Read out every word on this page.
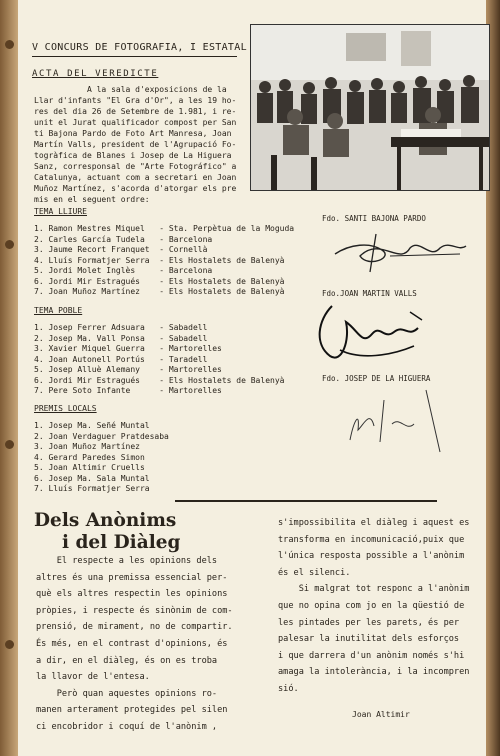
V CONCURS DE FOTOGRAFIA, I ESTATAL
ACTA DEL VEREDICTE

A la sala d'exposicions de la

Llar d'infants "El Gra d'Or", a les 19 ho-

res del dia 26 de Setembre de 1.981, i re-

unit el Jurat qualificador compost per San

ti Bajona Pardo de Foto Art Manresa, Joan

Martín Valls, president de l'Agrupació Fo-

togràfica de Blanes i Josep de La Higuera

Sanz, corresponsal de "Arte Fotográfico" a

Catalunya, actuant com a secretari en Joan

Muñoz Martínez, s'acorda d'atorgar els pre

mis en el seguent ordre:

TEMA LLIURE
1. Ramon Mestres Miquel   - Sta. Perpètua de la Moguda
2. Carles García Tudela   - Barcelona
3. Jaume Recort Franquet  - Cornellà
4. Lluís Formatjer Serra  - Els Hostalets de Balenyà
5. Jordi Molet Inglès     - Barcelona
6. Jordi Mir Estragués    - Els Hostalets de Balenyà
7. Joan Muñoz Martínez    - Els Hostalets de Balenyà
TEMA POBLE
1. Josep Ferrer Adsuara   - Sabadell
2. Josep Ma. Vall Ponsa   - Sabadell
3. Xavier Miquel Guerra   - Martorelles
4. Joan Autonell Portús   - Taradell
5. Josep Alluè Alemany    - Martorelles
6. Jordi Mir Estragués    - Els Hostalets de Balenyà
7. Pere Soto Infante      - Martorelles
PREMIS LOCALS
1. Josep Ma. Señé Muntal
2. Joan Verdaguer Pratdesaba
3. Joan Muñoz Martínez
4. Gerard Paredes Simon
5. Joan Altimir Cruells
6. Josep Ma. Sala Muntal
7. Lluís Formatjer Serra
Fdo. SANTI BAJONA PARDO
Fdo.JOAN MARTIN VALLS
Fdo. JOSEP DE LA HIGUERA
Dels Anònims
i del Diàleg
El respecte a les opinions dels
altres és una premissa essencial per-
què els altres respectin les opinions
pròpies, i respecte és sinònim de com-
prensió, de mirament, no de compartir.
És més, en el contrast d'opinions, és
a dir, en el diàleg, és on es troba
la llavor de l'entesa.
Però quan aquestes opinions ro-
manen arterament protegides pel silen
ci encobridor i coquí de l'anònim ,
s'impossibilita el diàleg i aquest es
transforma en incomunicació,puix que
l'única resposta possible a l'anònim
és el silenci.
Si malgrat tot responc a l'anònim
que no opina com jo en la qüestió de
les pintades per les parets, és per
palesar la inutilitat dels esforços
i que darrera d'un anònim només s'hi
amaga la intolerància, i la incompren
sió.
Joan Altimir
